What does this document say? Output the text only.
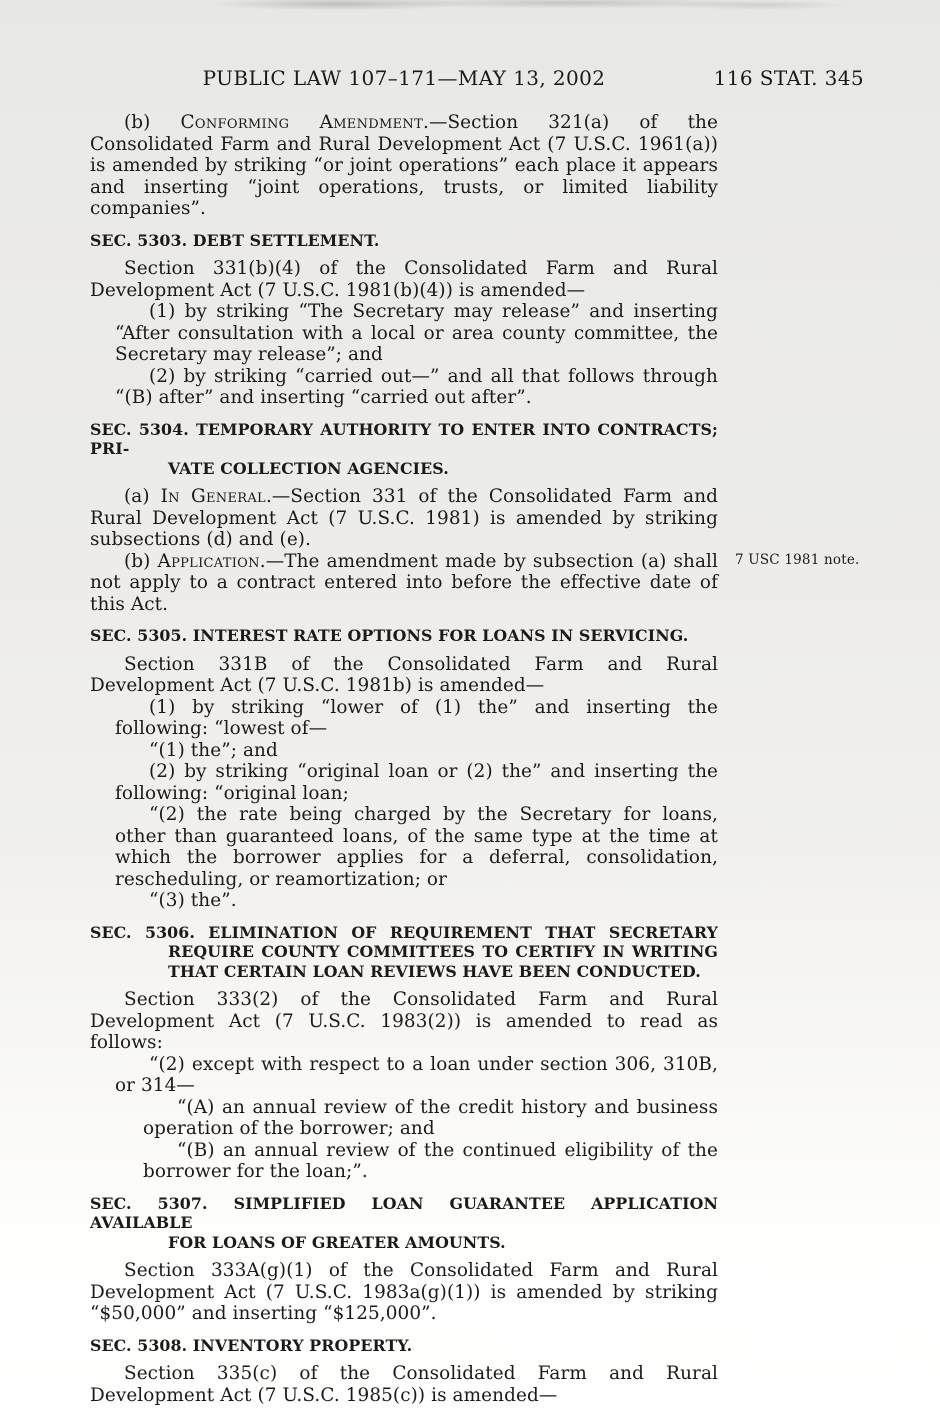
PUBLIC LAW 107–171—MAY 13, 2002	116 STAT. 345

(b) Conforming Amendment.—Section 321(a) of the Consolidated Farm and Rural Development Act (7 U.S.C. 1961(a)) is amended by striking “or joint operations” each place it appears and inserting “joint operations, trusts, or limited liability companies”.

SEC. 5303. DEBT SETTLEMENT.

Section 331(b)(4) of the Consolidated Farm and Rural Development Act (7 U.S.C. 1981(b)(4)) is amended—

(1) by striking “The Secretary may release” and inserting “After consultation with a local or area county committee, the Secretary may release”; and

(2) by striking “carried out—” and all that follows through “(B) after” and inserting “carried out after”.

SEC. 5304. TEMPORARY AUTHORITY TO ENTER INTO CONTRACTS; PRI-
VATE COLLECTION AGENCIES.

(a) In General.—Section 331 of the Consolidated Farm and Rural Development Act (7 U.S.C. 1981) is amended by striking subsections (d) and (e).

(b) Application.—The amendment made by subsection (a) shall not apply to a contract entered into before the effective date of this Act.
7 USC 1981 note.

SEC. 5305. INTEREST RATE OPTIONS FOR LOANS IN SERVICING.

Section 331B of the Consolidated Farm and Rural Development Act (7 U.S.C. 1981b) is amended—

(1) by striking “lower of (1) the” and inserting the following: “lowest of—

“(1) the”; and

(2) by striking “original loan or (2) the” and inserting the following: “original loan;

“(2) the rate being charged by the Secretary for loans, other than guaranteed loans, of the same type at the time at which the borrower applies for a deferral, consolidation, rescheduling, or reamortization; or

“(3) the”.

SEC. 5306. ELIMINATION OF REQUIREMENT THAT SECRETARY
REQUIRE COUNTY COMMITTEES TO CERTIFY IN WRITING
THAT CERTAIN LOAN REVIEWS HAVE BEEN CONDUCTED.

Section 333(2) of the Consolidated Farm and Rural Development Act (7 U.S.C. 1983(2)) is amended to read as follows:

“(2) except with respect to a loan under section 306, 310B, or 314—

“(A) an annual review of the credit history and business operation of the borrower; and

“(B) an annual review of the continued eligibility of the borrower for the loan;”.

SEC. 5307. SIMPLIFIED LOAN GUARANTEE APPLICATION AVAILABLE
FOR LOANS OF GREATER AMOUNTS.

Section 333A(g)(1) of the Consolidated Farm and Rural Development Act (7 U.S.C. 1983a(g)(1)) is amended by striking “$50,000” and inserting “$125,000”.

SEC. 5308. INVENTORY PROPERTY.

Section 335(c) of the Consolidated Farm and Rural Development Act (7 U.S.C. 1985(c)) is amended—
